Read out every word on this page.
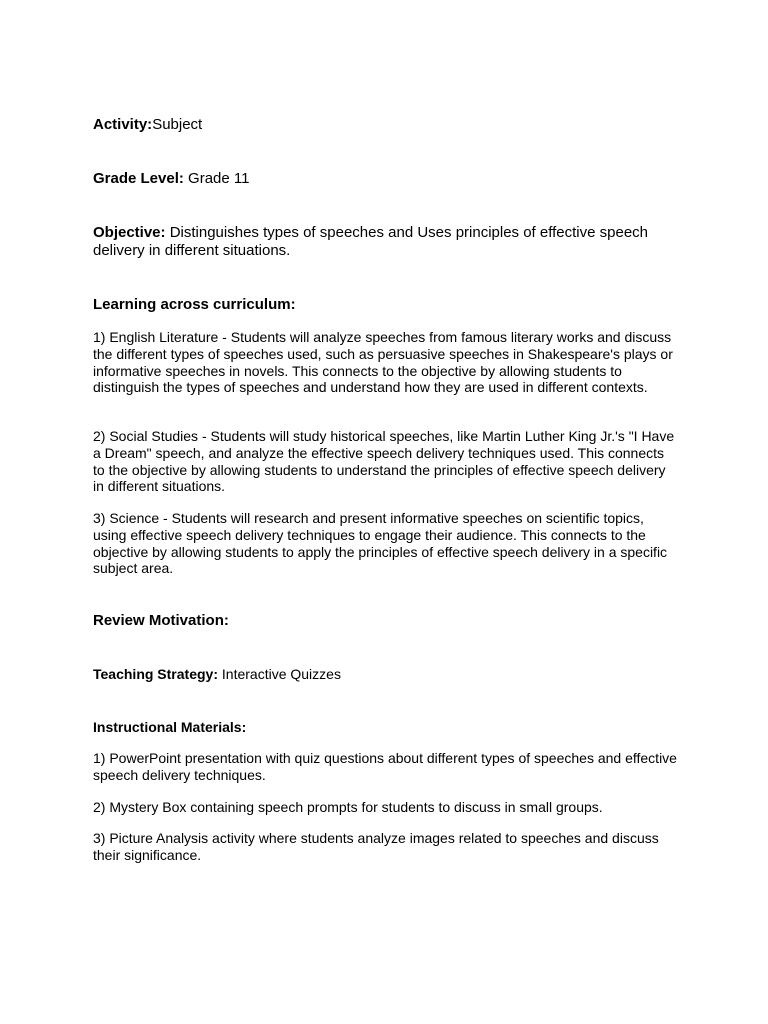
Activity:Subject

Grade Level: Grade 11

Objective: Distinguishes types of speeches and Uses principles of effective speech delivery in different situations.

Learning across curriculum:

1) English Literature - Students will analyze speeches from famous literary works and discuss the different types of speeches used, such as persuasive speeches in Shakespeare's plays or informative speeches in novels. This connects to the objective by allowing students to distinguish the types of speeches and understand how they are used in different contexts.

2) Social Studies - Students will study historical speeches, like Martin Luther King Jr.'s "I Have a Dream" speech, and analyze the effective speech delivery techniques used. This connects to the objective by allowing students to understand the principles of effective speech delivery in different situations.

3) Science - Students will research and present informative speeches on scientific topics, using effective speech delivery techniques to engage their audience. This connects to the objective by allowing students to apply the principles of effective speech delivery in a specific subject area.

Review Motivation:

Teaching Strategy: Interactive Quizzes

Instructional Materials:

1) PowerPoint presentation with quiz questions about different types of speeches and effective speech delivery techniques.

2) Mystery Box containing speech prompts for students to discuss in small groups.

3) Picture Analysis activity where students analyze images related to speeches and discuss their significance.
